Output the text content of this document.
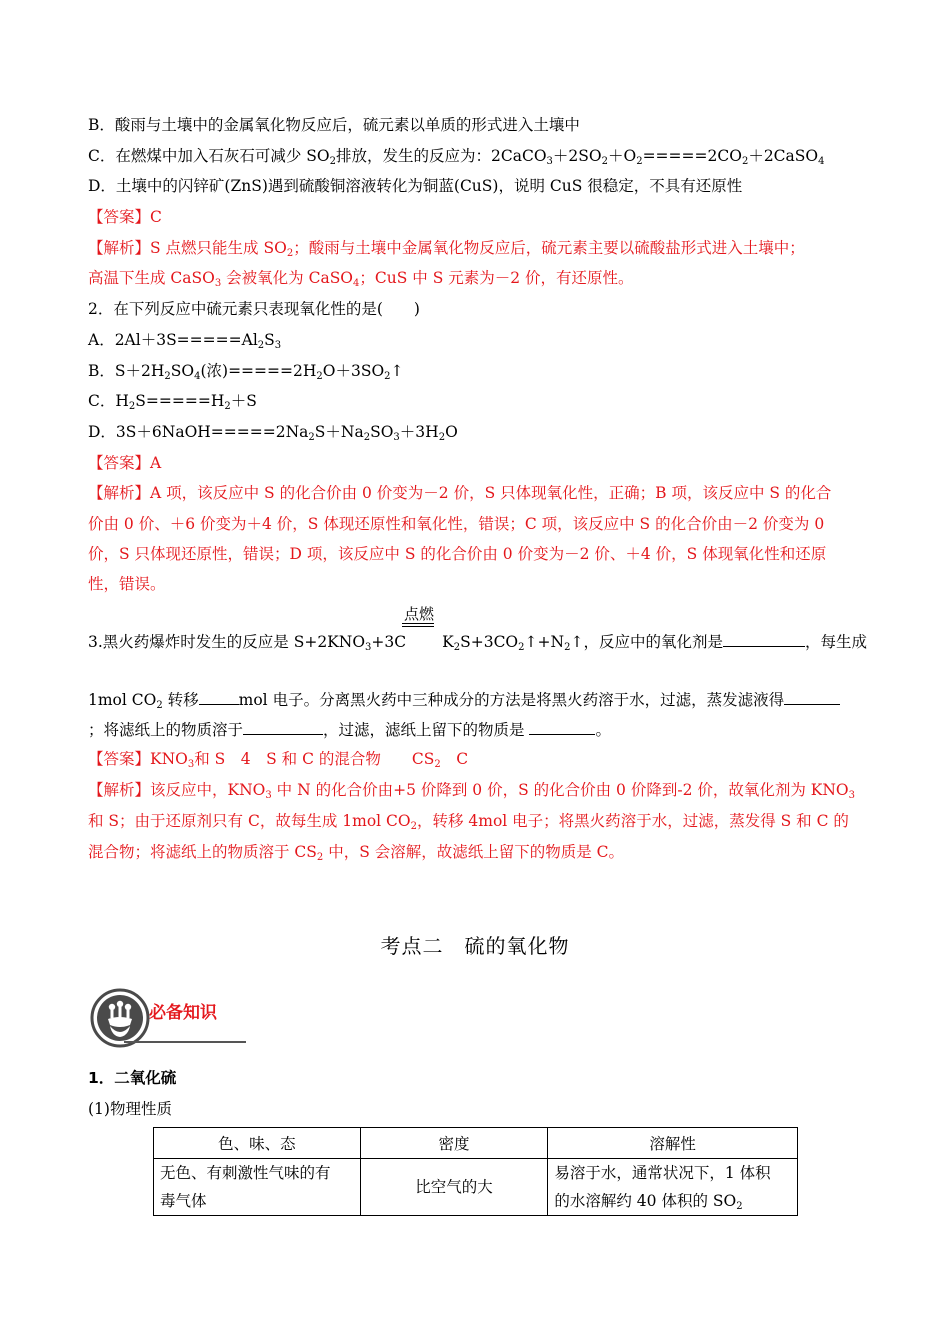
B．酸雨与土壤中的金属氧化物反应后，硫元素以单质的形式进入土壤中
C．在燃煤中加入石灰石可减少 $SO_2$排放，发生的反应为：$2CaCO_3+2SO_2+O_2=====2CO_2+2CaSO_4$
D．土壤中的闪锌矿(ZnS)遇到硫酸铜溶液转化为铜蓝(CuS)，说明 CuS 很稳定，不具有还原性
【答案】C
【解析】S 点燃只能生成 $SO_2$；酸雨与土壤中金属氧化物反应后，硫元素主要以硫酸盐形式进入土壤中；
高温下生成 CaSO$_3$ 会被氧化为 CaSO$_4$；CuS 中 S 元素为－2 价，有还原性。
2．在下列反应中硫元素只表现氧化性的是(　　)
A．$2Al+3S=====Al_2S_3$
B．$S+2H_2SO_4$(浓)$=====2H_2O+3SO_2↑$
C．$H_2S=====H_2+S$
D．$3S+6NaOH=====2Na_2S+Na_2SO_3+3H_2O$
【答案】A
【解析】A 项，该反应中 S 的化合价由 0 价变为－2 价，S 只体现氧化性，正确；B 项，该反应中 S 的化合
价由 0 价、＋6 价变为＋4 价，S 体现还原性和氧化性，错误；C 项，该反应中 S 的化合价由－2 价变为 0
价，S 只体现还原性，错误；D 项，该反应中 S 的化合价由 0 价变为－2 价、＋4 价，S 体现氧化性和还原
性，错误。
点燃
3.黑火药爆炸时发生的反应是 $S+2KNO_3+3C$ $K_2S+3CO_2↑+N_2↑$，反应中的氧化剂是	，每生成
1mol $CO_2$ 转移	mol 电子。分离黑火药中三种成分的方法是将黑火药溶于水，过滤，蒸发滤液得
；将滤纸上的物质溶于	，过滤，滤纸上留下的物质是	。
【答案】$KNO_3$和 S　4　S 和 C 的混合物　　$CS_2$　C
【解析】该反应中，$KNO_3$ 中 N 的化合价由+5 价降到 0 价，S 的化合价由 0 价降到-2 价，故氧化剂为 $KNO_3$
和 S；由于还原剂只有 C，故每生成 1mol $CO_2$，转移 4mol 电子；将黑火药溶于水，过滤，蒸发得 S 和 C 的
混合物；将滤纸上的物质溶于 $CS_2$ 中，S 会溶解，故滤纸上留下的物质是 C。
考点二　硫的氧化物
必备知识
1．二氧化硫
(1)物理性质
色、味、态	密度	溶解性
无色、有刺激性气味的有
毒气体	比空气的大	易溶于水，通常状况下，1 体积
的水溶解约 40 体积的 $SO_2$
